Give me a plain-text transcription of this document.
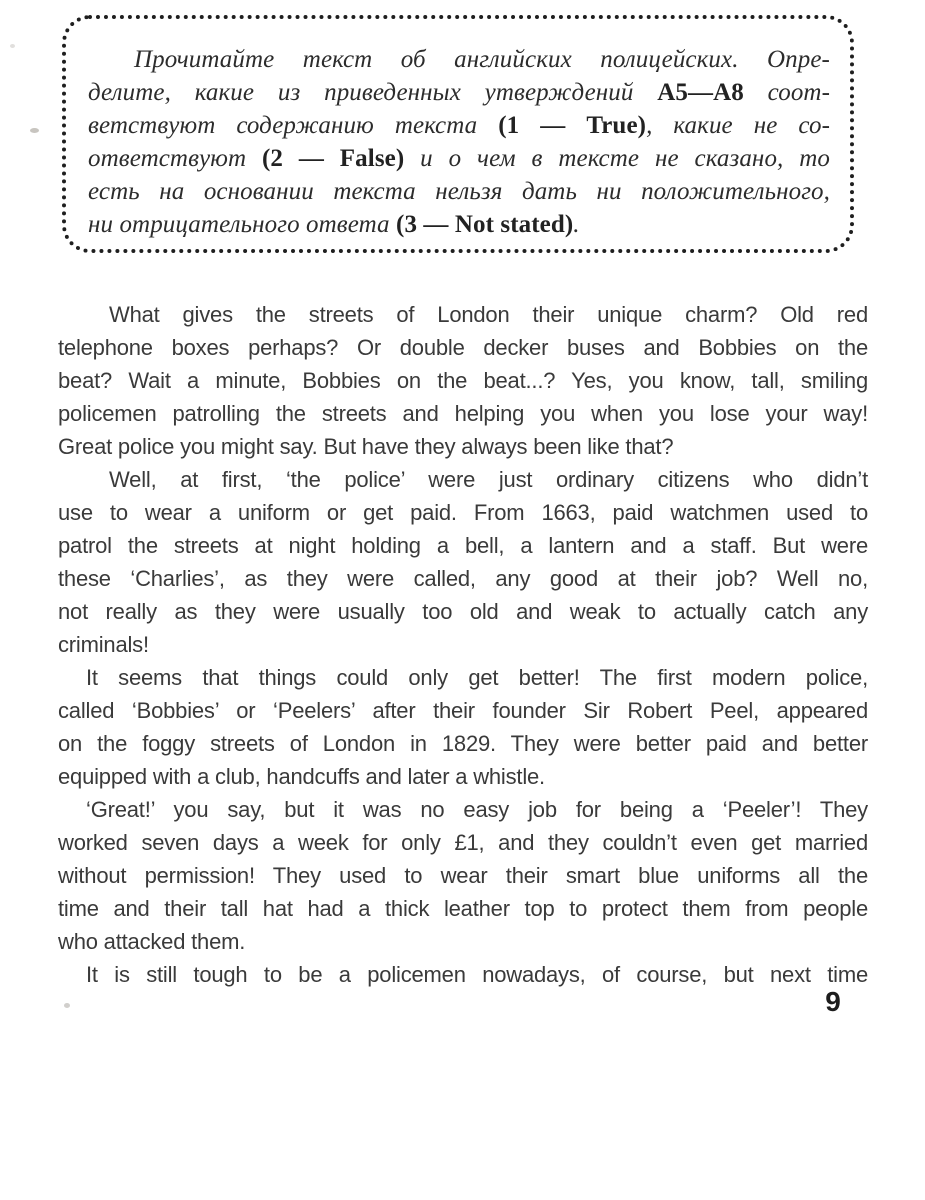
Прочитайте текст об английских полицейских. Опре-
делите, какие из приведенных утверждений A5—A8 соот-
ветствуют содержанию текста (1 — True), какие не со-
ответствуют (2 — False) и о чем в тексте не сказано, то
есть на основании текста нельзя дать ни положительного,
ни отрицательного ответа (3 — Not stated).
What gives the streets of London their unique charm? Old red
telephone boxes perhaps? Or double decker buses and Bobbies on the
beat? Wait a minute, Bobbies on the beat...? Yes, you know, tall, smiling
policemen patrolling the streets and helping you when you lose your way!
Great police you might say. But have they always been like that?
Well, at first, ‘the police’ were just ordinary citizens who didn’t
use to wear a uniform or get paid. From 1663, paid watchmen used to
patrol the streets at night holding a bell, a lantern and a staff. But were
these ‘Charlies’, as they were called, any good at their job? Well no,
not really as they were usually too old and weak to actually catch any
criminals!
It seems that things could only get better! The first modern police,
called ‘Bobbies’ or ‘Peelers’ after their founder Sir Robert Peel, appeared
on the foggy streets of London in 1829. They were better paid and better
equipped with a club, handcuffs and later a whistle.
‘Great!’ you say, but it was no easy job for being a ‘Peeler’! They
worked seven days a week for only £1, and they couldn’t even get married
without permission! They used to wear their smart blue uniforms all the
time and their tall hat had a thick leather top to protect them from people
who attacked them.
It is still tough to be a policemen nowadays, of course, but next time
9
